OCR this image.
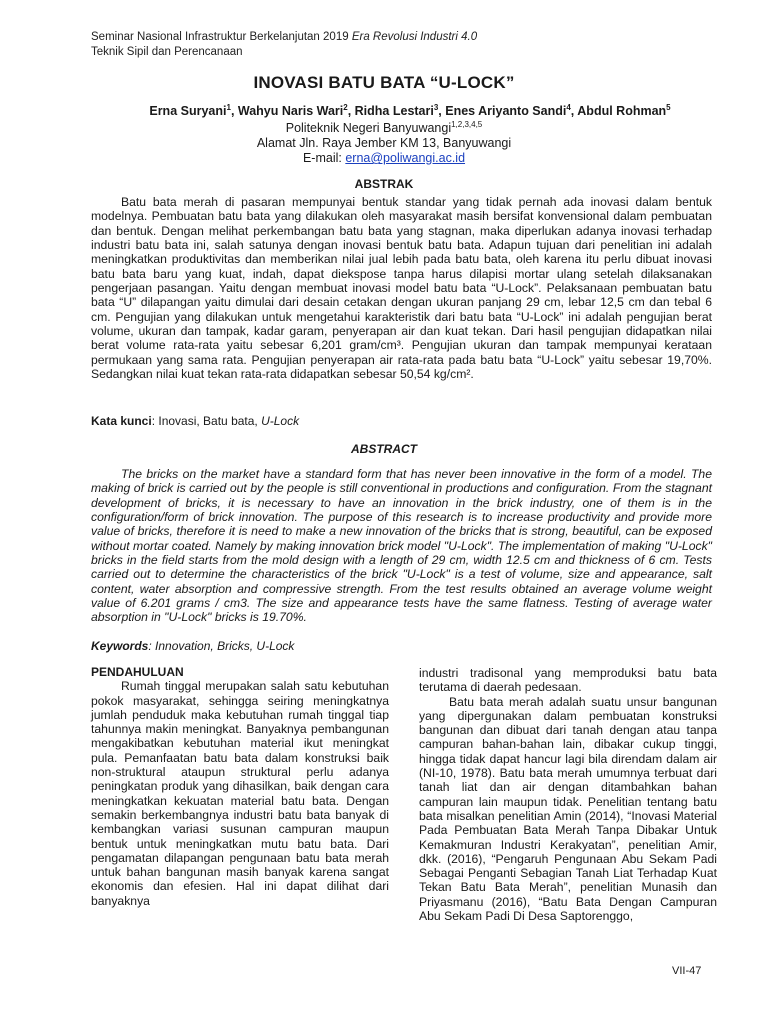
Seminar Nasional Infrastruktur Berkelanjutan 2019 Era Revolusi Industri 4.0
Teknik Sipil dan Perencanaan
INOVASI BATU BATA “U-LOCK”
Erna Suryani$^1$, Wahyu Naris Wari$^2$, Ridha Lestari$^3$, Enes Ariyanto Sandi$^4$, Abdul Rohman$^5$
Politeknik Negeri Banyuwangi$^{1,2,3,4,5}$
Alamat Jln. Raya Jember KM 13, Banyuwangi
E-mail: erna@poliwangi.ac.id
ABSTRAK

Batu bata merah di pasaran mempunyai bentuk standar yang tidak pernah ada inovasi dalam bentuk modelnya. Pembuatan batu bata yang dilakukan oleh masyarakat masih bersifat konvensional dalam pembuatan dan bentuk. Dengan melihat perkembangan batu bata yang stagnan, maka diperlukan adanya inovasi terhadap industri batu bata ini, salah satunya dengan inovasi bentuk batu bata. Adapun tujuan dari penelitian ini adalah meningkatkan produktivitas dan memberikan nilai jual lebih pada batu bata, oleh karena itu perlu dibuat inovasi batu bata baru yang kuat, indah, dapat diekspose tanpa harus dilapisi mortar ulang setelah dilaksanakan pengerjaan pasangan. Yaitu dengan membuat inovasi model batu bata “U-Lock”. Pelaksanaan pembuatan batu bata “U” dilapangan yaitu dimulai dari desain cetakan dengan ukuran panjang 29 cm, lebar 12,5 cm dan tebal 6 cm. Pengujian yang dilakukan untuk mengetahui karakteristik dari batu bata “U-Lock” ini adalah pengujian berat volume, ukuran dan tampak, kadar garam, penyerapan air dan kuat tekan. Dari hasil pengujian didapatkan nilai berat volume rata-rata yaitu sebesar 6,201 gram/cm³. Pengujian ukuran dan tampak mempunyai kerataan permukaan yang sama rata. Pengujian penyerapan air rata-rata pada batu bata “U-Lock” yaitu sebesar 19,70%. Sedangkan nilai kuat tekan rata-rata didapatkan sebesar 50,54 kg/cm².

Kata kunci: Inovasi, Batu bata, U-Lock

ABSTRACT

The bricks on the market have a standard form that has never been innovative in the form of a model. The making of brick is carried out by the people is still conventional in productions and configuration. From the stagnant development of bricks, it is necessary to have an innovation in the brick industry, one of them is in the configuration/form of brick innovation. The purpose of this research is to increase productivity and provide more value of bricks, therefore it is need to make a new innovation of the bricks that is strong, beautiful, can be exposed without mortar coated. Namely by making innovation brick model "U-Lock". The implementation of making "U-Lock" bricks in the field starts from the mold design with a length of 29 cm, width 12.5 cm and thickness of 6 cm. Tests carried out to determine the characteristics of the brick "U-Lock" is a test of volume, size and appearance, salt content, water absorption and compressive strength. From the test results obtained an average volume weight value of 6.201 grams / cm3. The size and appearance tests have the same flatness. Testing of average water absorption in "U-Lock" bricks is 19.70%.

Keywords: Innovation, Bricks, U-Lock

PENDAHULUAN

Rumah tinggal merupakan salah satu kebutuhan pokok masyarakat, sehingga seiring meningkatnya jumlah penduduk maka kebutuhan rumah tinggal tiap tahunnya makin meningkat. Banyaknya pembangunan mengakibatkan kebutuhan material ikut meningkat pula. Pemanfaatan batu bata dalam konstruksi baik non-struktural ataupun struktural perlu adanya peningkatan produk yang dihasilkan, baik dengan cara meningkatkan kekuatan material batu bata. Dengan semakin berkembangnya industri batu bata banyak di kembangkan variasi susunan campuran maupun bentuk untuk meningkatkan mutu batu bata. Dari pengamatan dilapangan pengunaan batu bata merah untuk bahan bangunan masih banyak karena sangat ekonomis dan efesien. Hal ini dapat dilihat dari banyaknya

industri tradisonal yang memproduksi batu bata terutama di daerah pedesaan.

Batu bata merah adalah suatu unsur bangunan yang dipergunakan dalam pembuatan konstruksi bangunan dan dibuat dari tanah dengan atau tanpa campuran bahan-bahan lain, dibakar cukup tinggi, hingga tidak dapat hancur lagi bila direndam dalam air (NI-10, 1978). Batu bata merah umumnya terbuat dari tanah liat dan air dengan ditambahkan bahan campuran lain maupun tidak. Penelitian tentang batu bata misalkan penelitian Amin (2014), “Inovasi Material Pada Pembuatan Bata Merah Tanpa Dibakar Untuk Kemakmuran Industri Kerakyatan”, penelitian Amir, dkk. (2016), “Pengaruh Pengunaan Abu Sekam Padi Sebagai Penganti Sebagian Tanah Liat Terhadap Kuat Tekan Batu Bata Merah”, penelitian Munasih dan Priyasmanu (2016), “Batu Bata Dengan Campuran Abu Sekam Padi Di Desa Saptorenggo,

VII-47
